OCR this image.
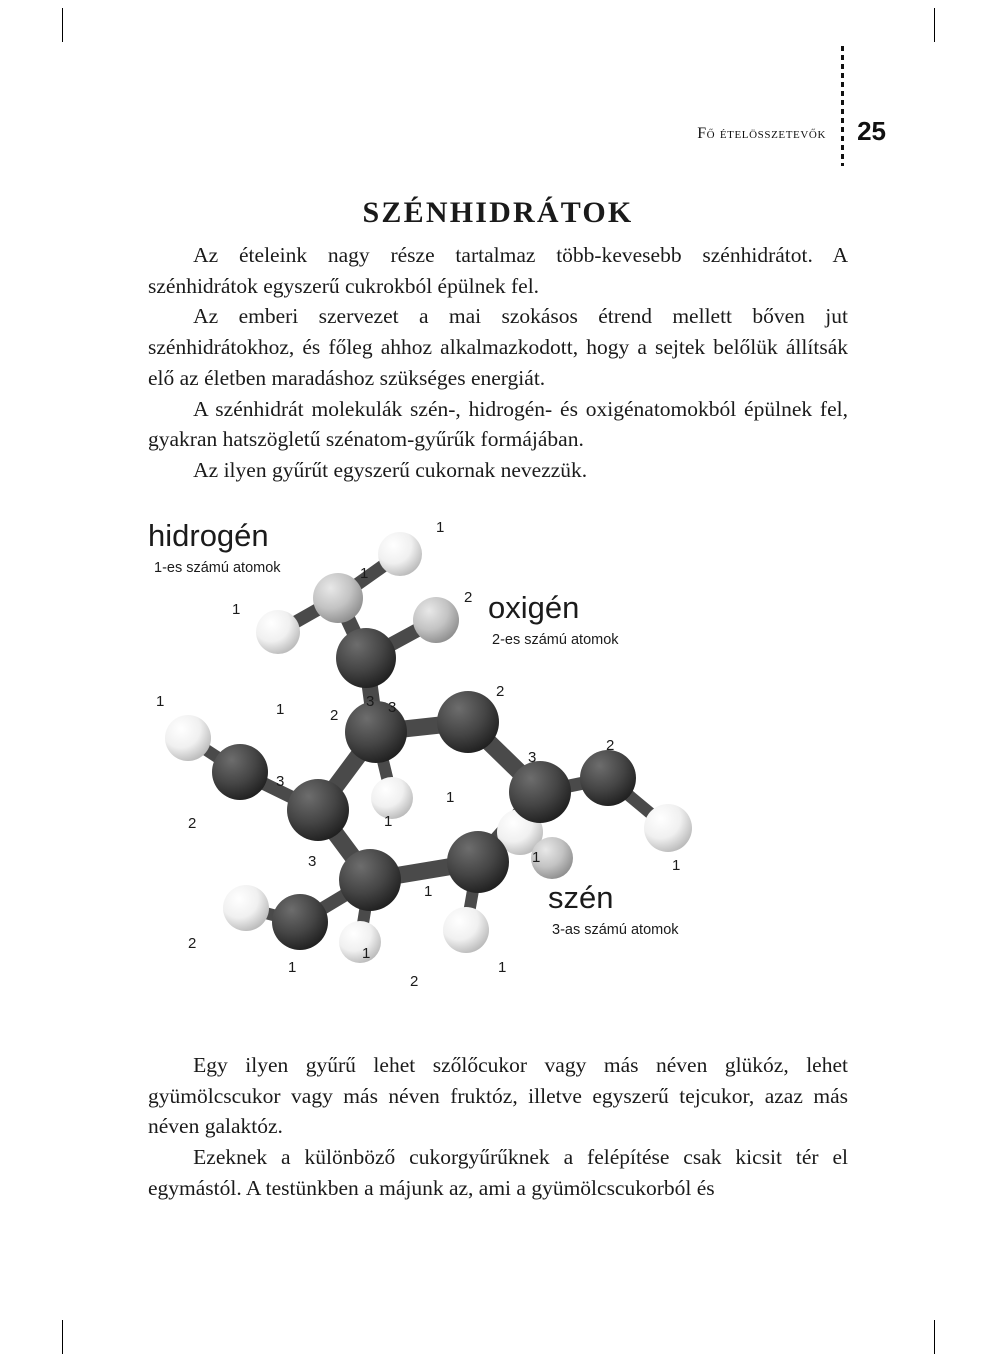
Fő ételösszetevők 25
SZÉNHIDRÁTOK

Az ételeink nagy része tartalmaz több-kevesebb szénhidrátot. A szénhidrátok egyszerű cukrokból épülnek fel.

Az emberi szervezet a mai szokásos étrend mellett bőven jut szénhidrátokhoz, és főleg ahhoz alkalmazkodott, hogy a sejtek belőlük állítsák elő az életben maradáshoz szükséges energiát.

A szénhidrát molekulák szén-, hidrogén- és oxigénatomokból épülnek fel, gyakran hatszögletű szénatom-gyűrűk formájában.

Az ilyen gyűrűt egyszerű cukornak nevezzük.

hidrogén
1-es számú atomok
oxigén
2-es számú atomok
szén
3-as számú atomok
1
1
1
2
3 3
2
1
1
1
1
2
3
2
3
1	1
3
1
2
1
1
2
1
2

Egy ilyen gyűrű lehet szőlőcukor vagy más néven glükóz, lehet gyümölcscukor vagy más néven fruktóz, illetve egyszerű tejcukor, azaz más néven galaktóz.

Ezeknek a különböző cukorgyűrűknek a felépítése csak kicsit tér el egymástól. A testünkben a májunk az, ami a gyümölcscukorból és
